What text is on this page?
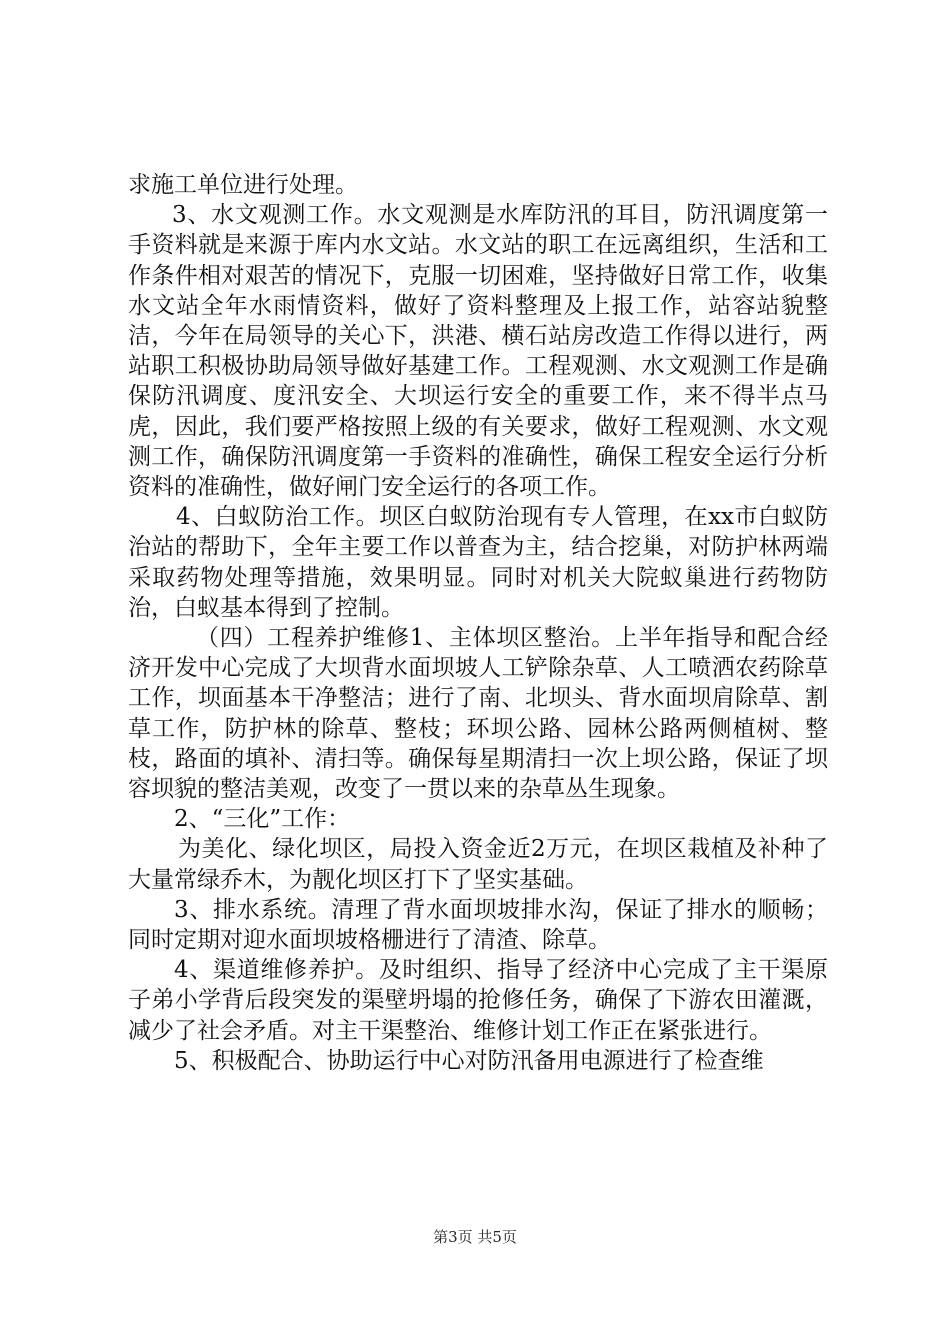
求施工单位进行处理。

3、水文观测工作。水文观测是水库防汛的耳目，防汛调度第一手资料就是来源于库内水文站。水文站的职工在远离组织，生活和工作条件相对艰苦的情况下，克服一切困难，坚持做好日常工作，收集水文站全年水雨情资料，做好了资料整理及上报工作，站容站貌整洁，今年在局领导的关心下，洪港、横石站房改造工作得以进行，两站职工积极协助局领导做好基建工作。工程观测、水文观测工作是确保防汛调度、度汛安全、大坝运行安全的重要工作，来不得半点马虎，因此，我们要严格按照上级的有关要求，做好工程观测、水文观测工作，确保防汛调度第一手资料的准确性，确保工程安全运行分析资料的准确性，做好闸门安全运行的各项工作。

4、白蚁防治工作。坝区白蚁防治现有专人管理，在xx市白蚁防治站的帮助下，全年主要工作以普查为主，结合挖巢，对防护林两端采取药物处理等措施，效果明显。同时对机关大院蚁巢进行药物防治，白蚁基本得到了控制。

（四）工程养护维修1、主体坝区整治。上半年指导和配合经济开发中心完成了大坝背水面坝坡人工铲除杂草、人工喷洒农药除草工作，坝面基本干净整洁；进行了南、北坝头、背水面坝肩除草、割草工作，防护林的除草、整枝；环坝公路、园林公路两侧植树、整枝，路面的填补、清扫等。确保每星期清扫一次上坝公路，保证了坝容坝貌的整洁美观，改变了一贯以来的杂草丛生现象。

2、“三化”工作：

为美化、绿化坝区，局投入资金近2万元，在坝区栽植及补种了大量常绿乔木，为靓化坝区打下了坚实基础。

3、排水系统。清理了背水面坝坡排水沟，保证了排水的顺畅；同时定期对迎水面坝坡格栅进行了清渣、除草。

4、渠道维修养护。及时组织、指导了经济中心完成了主干渠原子弟小学背后段突发的渠壁坍塌的抢修任务，确保了下游农田灌溉，减少了社会矛盾。对主干渠整治、维修计划工作正在紧张进行。

5、积极配合、协助运行中心对防汛备用电源进行了检查维

第3页 共5页
